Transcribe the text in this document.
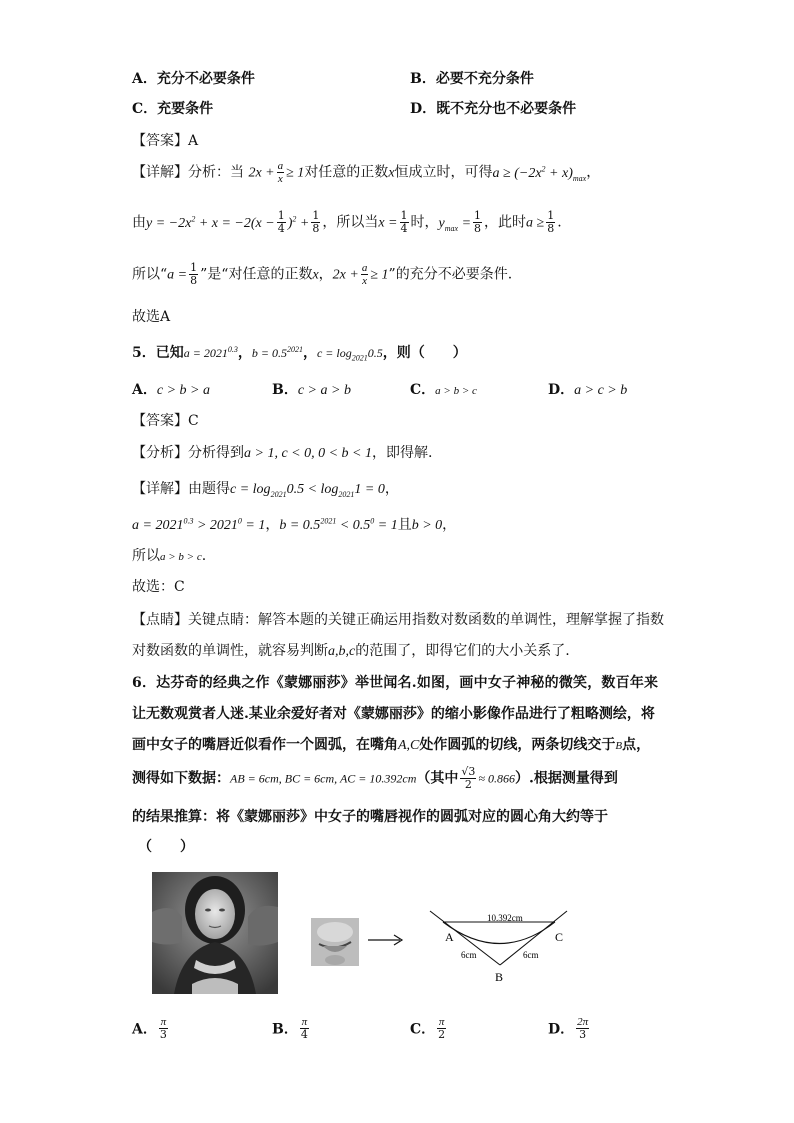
A．充分不必要条件	B．必要不充分条件
C．充要条件	D．既不充分也不必要条件
【答案】A
【详解】分析：当 $2x + \frac{a}{x} \ge 1$对任意的正数x恒成立时，可得$a \ge (-2x^2 + x)_{max}$，
由$y = -2x^2 + x = -2(x - \frac{1}{4} )^2 + \frac{1}{8}$ ，所以当$x = \frac{1}{4}$ 时，$y_{max} = \frac{1}{8}$ ，此时$a \ge \frac{1}{8}$ .
所以“$a = \frac{1}{8}$ ”是“对任意的正数x，$2x + \frac{a}{x} \ge 1$”的充分不必要条件.
故选A
5．已知$a = 2021^{0.3}$，$b = 0.5^{2021}$，$c = \log_{2021}0.5$，则（　　）
A．c > b > a	B．c > a > b	C．a > b > c	D．a > c > b
【答案】C
【分析】分析得到a > 1, c < 0, 0 < b < 1，即得解.
【详解】由题得$c = \log_{2021}0.5 < \log_{2021}1 = 0$，
$a = 2021^{0.3} > 2021^0 = 1$，$b = 0.5^{2021} < 0.5^0 = 1$且b > 0，
所以a > b > c.
故选：C
【点睛】关键点睛：解答本题的关键正确运用指数对数函数的单调性，理解掌握了指数
对数函数的单调性，就容易判断a,b,c的范围了，即得它们的大小关系了.
6．达芬奇的经典之作《蒙娜丽莎》举世闻名.如图，画中女子神秘的微笑，数百年来
让无数观赏者人迷.某业余爱好者对《蒙娜丽莎》的缩小影像作品进行了粗略测绘，将
画中女子的嘴唇近似看作一个圆弧，在嘴角A,C处作圆弧的切线，两条切线交于B点，
测得如下数据：AB = 6cm, BC = 6cm, AC = 10.392cm（其中 $\frac{√3}{2} \approx 0.866$）.根据测量得到
的结果推算：将《蒙娜丽莎》中女子的嘴唇视作的圆弧对应的圆心角大约等于
（　　）
10.392cm
A	C
B
6cm	6cm
A． $\frac{\pi}{3}$	B． $\frac{\pi}{4}$	C． $\frac{\pi}{2}$	D． $\frac{2\pi}{3}$
